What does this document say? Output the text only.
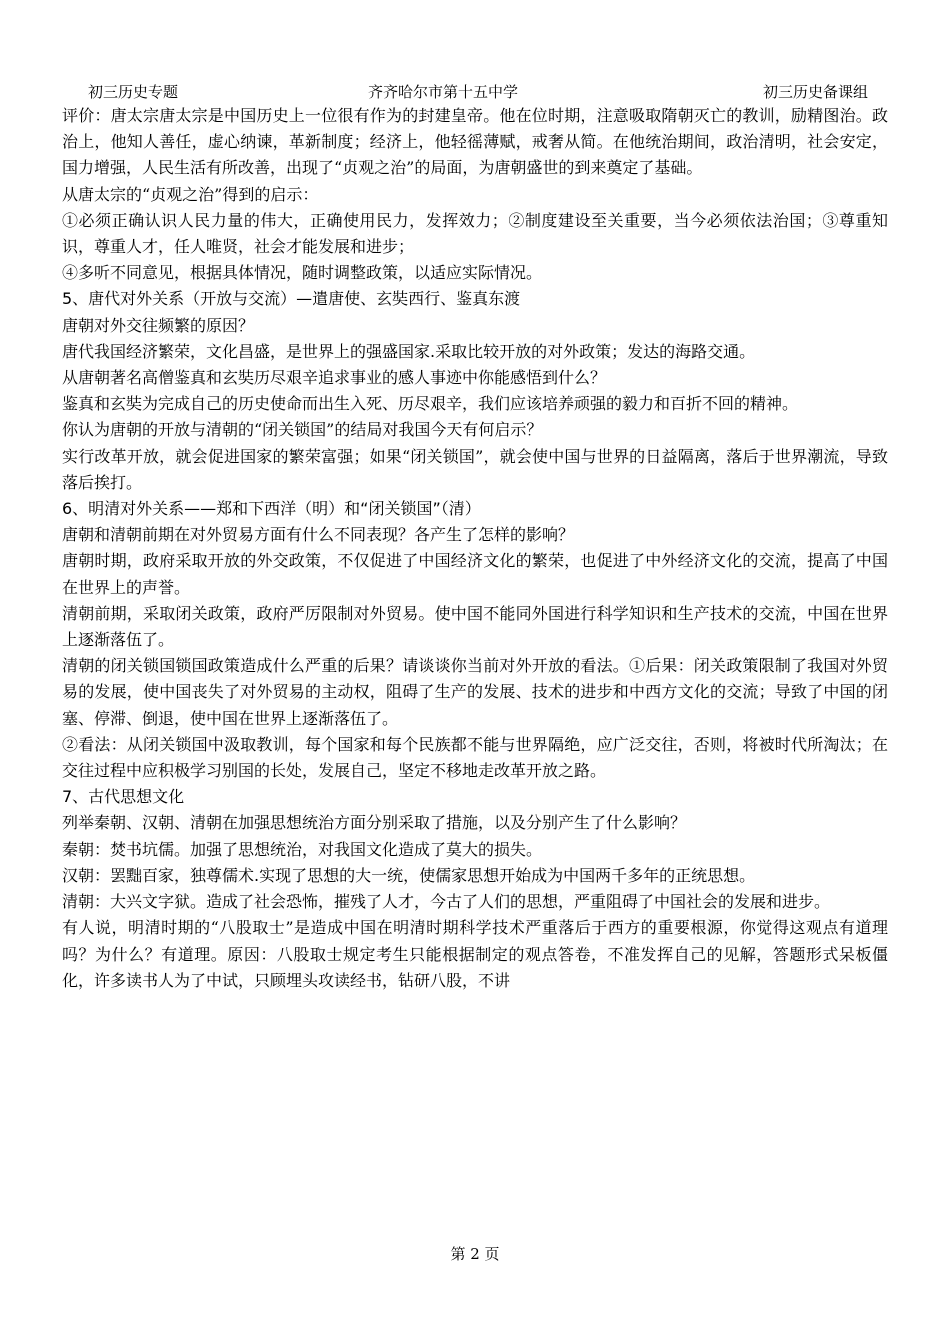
初三历史专题	齐齐哈尔市第十五中学	初三历史备课组

评价：唐太宗唐太宗是中国历史上一位很有作为的封建皇帝。他在位时期，注意吸取隋朝灭亡的教训，励精图治。政治上，他知人善任，虚心纳谏，革新制度；经济上，他轻徭薄赋，戒奢从简。在他统治期间，政治清明，社会安定，国力增强，人民生活有所改善，出现了“贞观之治”的局面，为唐朝盛世的到来奠定了基础。

从唐太宗的“贞观之治”得到的启示：

①必须正确认识人民力量的伟大，正确使用民力，发挥效力；②制度建设至关重要，当今必须依法治国；③尊重知识，尊重人才，任人唯贤，社会才能发展和进步；

④多听不同意见，根据具体情况，随时调整政策，以适应实际情况。

5、唐代对外关系（开放与交流）—遣唐使、玄奘西行、鉴真东渡

唐朝对外交往频繁的原因？

唐代我国经济繁荣，文化昌盛，是世界上的强盛国家.采取比较开放的对外政策；发达的海路交通。

从唐朝著名高僧鉴真和玄奘历尽艰辛追求事业的感人事迹中你能感悟到什么？

鉴真和玄奘为完成自己的历史使命而出生入死、历尽艰辛，我们应该培养顽强的毅力和百折不回的精神。

你认为唐朝的开放与清朝的“闭关锁国”的结局对我国今天有何启示？

实行改革开放，就会促进国家的繁荣富强；如果“闭关锁国”，就会使中国与世界的日益隔离，落后于世界潮流，导致落后挨打。

6、明清对外关系——郑和下西洋（明）和“闭关锁国”（清）

唐朝和清朝前期在对外贸易方面有什么不同表现？各产生了怎样的影响？

唐朝时期，政府采取开放的外交政策，不仅促进了中国经济文化的繁荣，也促进了中外经济文化的交流，提高了中国在世界上的声誉。

清朝前期，采取闭关政策，政府严厉限制对外贸易。使中国不能同外国进行科学知识和生产技术的交流，中国在世界上逐渐落伍了。

清朝的闭关锁国锁国政策造成什么严重的后果？请谈谈你当前对外开放的看法。①后果：闭关政策限制了我国对外贸易的发展，使中国丧失了对外贸易的主动权，阻碍了生产的发展、技术的进步和中西方文化的交流；导致了中国的闭塞、停滞、倒退，使中国在世界上逐渐落伍了。

②看法：从闭关锁国中汲取教训，每个国家和每个民族都不能与世界隔绝，应广泛交往，否则，将被时代所淘汰；在交往过程中应积极学习别国的长处，发展自己，坚定不移地走改革开放之路。

7、古代思想文化

列举秦朝、汉朝、清朝在加强思想统治方面分别采取了措施，以及分别产生了什么影响？

秦朝：焚书坑儒。加强了思想统治，对我国文化造成了莫大的损失。

汉朝：罢黜百家，独尊儒术.实现了思想的大一统，使儒家思想开始成为中国两千多年的正统思想。

清朝：大兴文字狱。造成了社会恐怖，摧残了人才，今古了人们的思想，严重阻碍了中国社会的发展和进步。

有人说，明清时期的“八股取士”是造成中国在明清时期科学技术严重落后于西方的重要根源，你觉得这观点有道理吗？为什么？有道理。原因：八股取士规定考生只能根据制定的观点答卷，不准发挥自己的见解，答题形式呆板僵化，许多读书人为了中试，只顾埋头攻读经书，钻研八股，不讲

第 2 页
